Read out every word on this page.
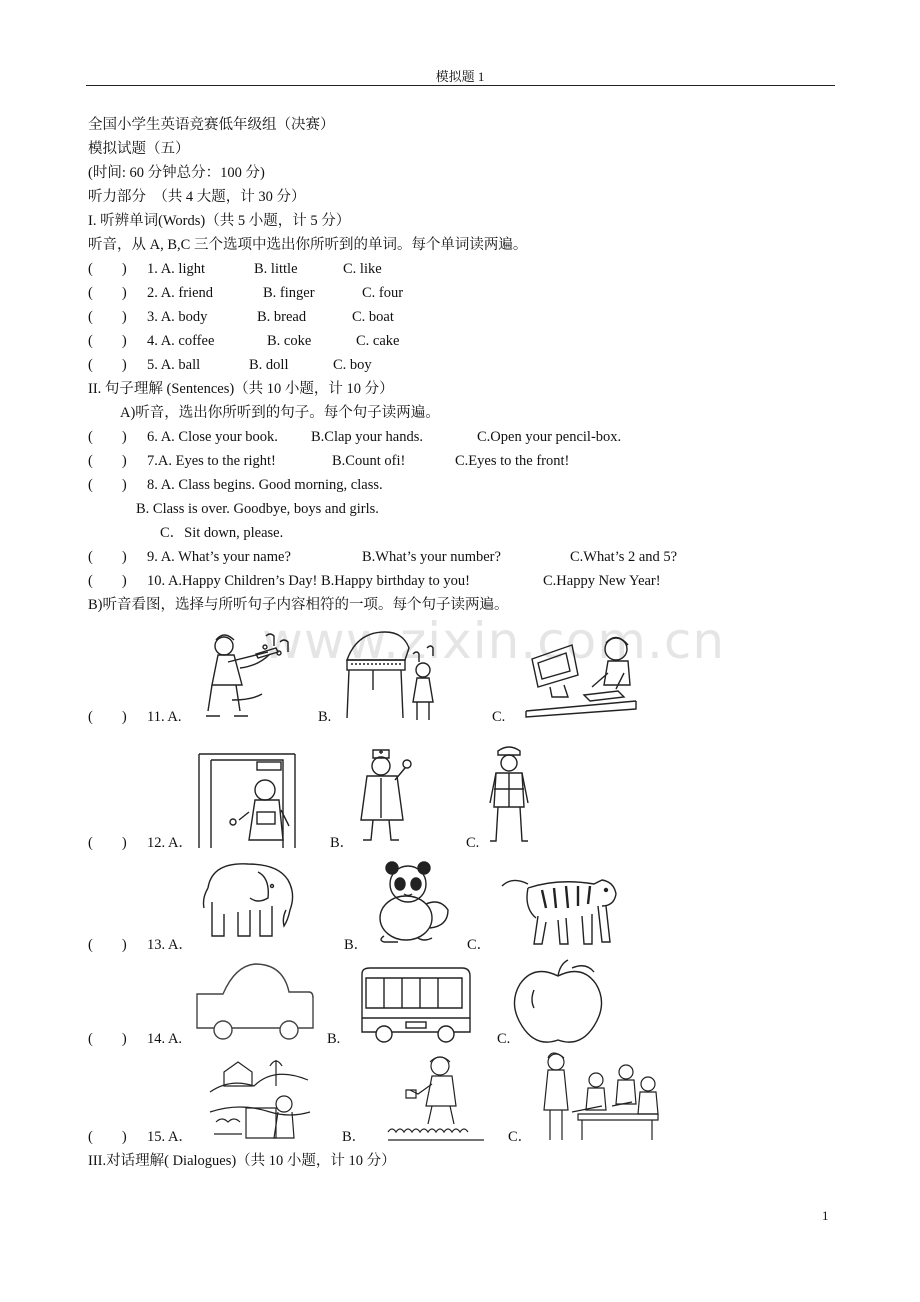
模拟题 1
全国小学生英语竞赛低年级组（决赛）
模拟试题（五）
(时间: 60 分钟总分：100 分)
听力部分　（共 4 大题，计 30 分）
I. 听辨单词(Words)（共 5 小题，计 5 分）
听音，从 A, B,C 三个选项中选出你所听到的单词。每个单词读两遍。
(　　) 1. A. light	B. little	C. like
(　　) 2. A. friend	B. finger	C. four
(　　) 3. A. body	B. bread	C. boat
(　　) 4. A. coffee	B. coke	C. cake
(　　) 5. A. ball	B. doll	C. boy
II. 句子理解 (Sentences)（共 10 小题，计 10 分）
A)听音，选出你所听到的句子。每个句子读两遍。
(　　) 6. A. Close your book. B.Clap your hands.	C.Open your pencil-box.
(　　) 7.A. Eyes to the right!	B.Count ofi!	C.Eyes to the front!
(　　) 8. A. Class begins. Good morning, class.
B. Class is over. Goodbye, boys and girls.
C．Sit down, please.
(　　) 9. A. What’s your name?	B.What’s your number?	C.What’s 2 and 5?
(　　) 10. A.Happy Children’s Day! B.Happy birthday to you!	C.Happy New Year!
B)听音看图，选择与所听句子内容相符的一项。每个句子读两遍。
www.zixin.com.cn
(　　) 11. A.	B.	C.
(　　) 12. A．	B．	C.
(　　) 13. A．	B．	C．
(　　) 14. A.	B.	C.
(　　) 15. A．	B．	C．
III.对话理解( Dialogues)（共 10 小题，计 10 分）
1
